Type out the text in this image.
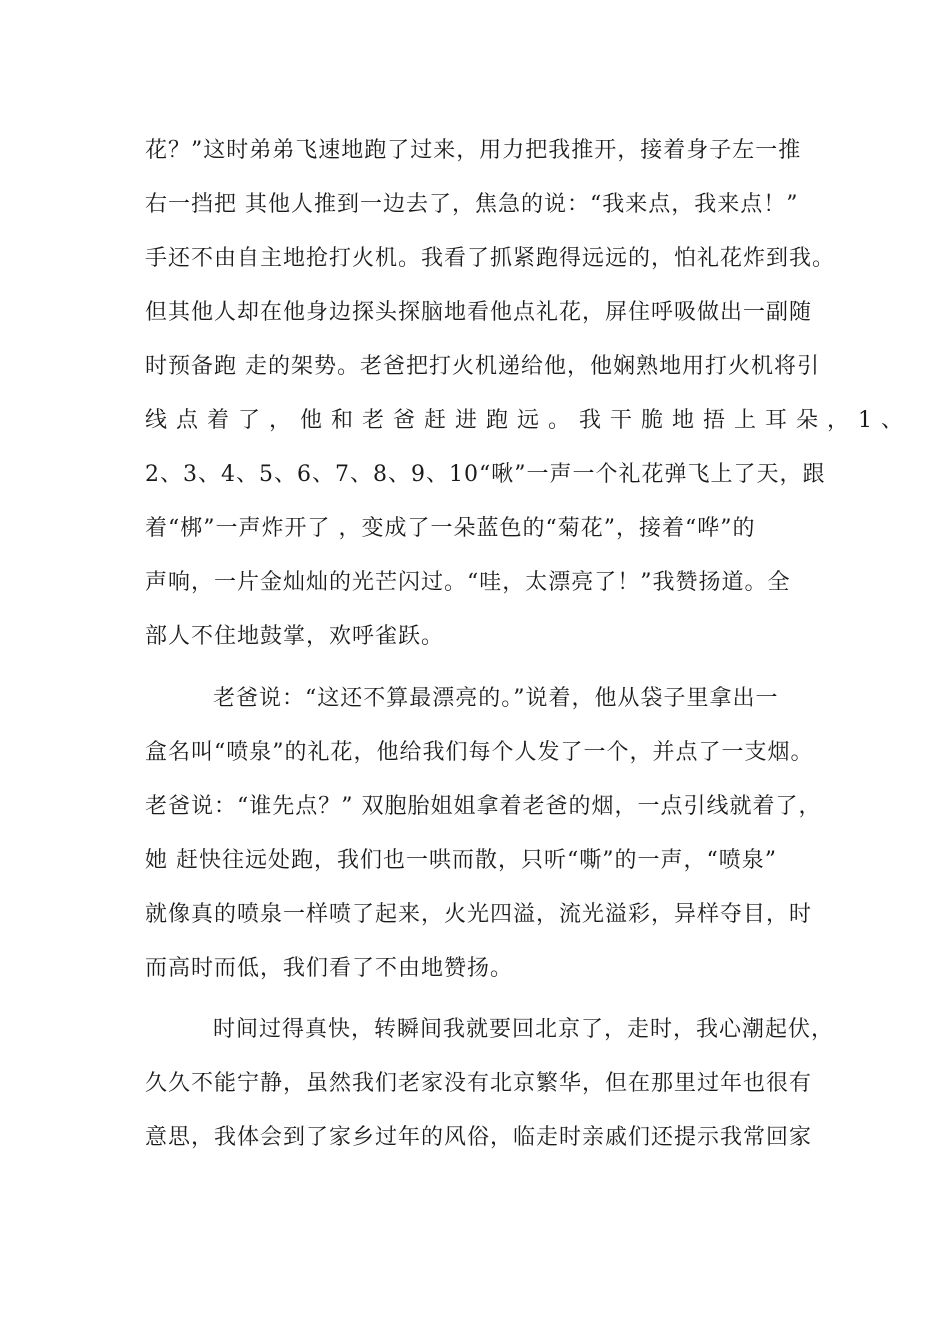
花？”这时弟弟飞速地跑了过来，用力把我推开，接着身子左一推
右一挡把 其他人推到一边去了，焦急的说：“我来点，我来点！”
手还不由自主地抢打火机。我看了抓紧跑得远远的，怕礼花炸到我。
但其他人却在他身边探头探脑地看他点礼花，屏住呼吸做出一副随
时预备跑 走的架势。老爸把打火机递给他，他娴熟地用打火机将引
线点着了，他和老爸赶进跑远。我干脆地捂上耳朵，1、
2、3、4、5、6、7、8、9、10“啾”一声一个礼花弹飞上了天，跟
着“梆”一声炸开了 ，变成了一朵蓝色的“菊花”，接着“哗”的
声响，一片金灿灿的光芒闪过。“哇，太漂亮了！”我赞扬道。全
部人不住地鼓掌，欢呼雀跃。
老爸说：“这还不算最漂亮的。”说着，他从袋子里拿出一
盒名叫“喷泉”的礼花，他给我们每个人发了一个，并点了一支烟。
老爸说：“谁先点？” 双胞胎姐姐拿着老爸的烟，一点引线就着了，
她 赶快往远处跑，我们也一哄而散，只听“嘶”的一声，“喷泉”
就像真的喷泉一样喷了起来，火光四溢，流光溢彩，异样夺目，时
而高时而低，我们看了不由地赞扬。
时间过得真快，转瞬间我就要回北京了，走时，我心潮起伏，
久久不能宁静，虽然我们老家没有北京繁华，但在那里过年也很有
意思，我体会到了家乡过年的风俗，临走时亲戚们还提示我常回家
